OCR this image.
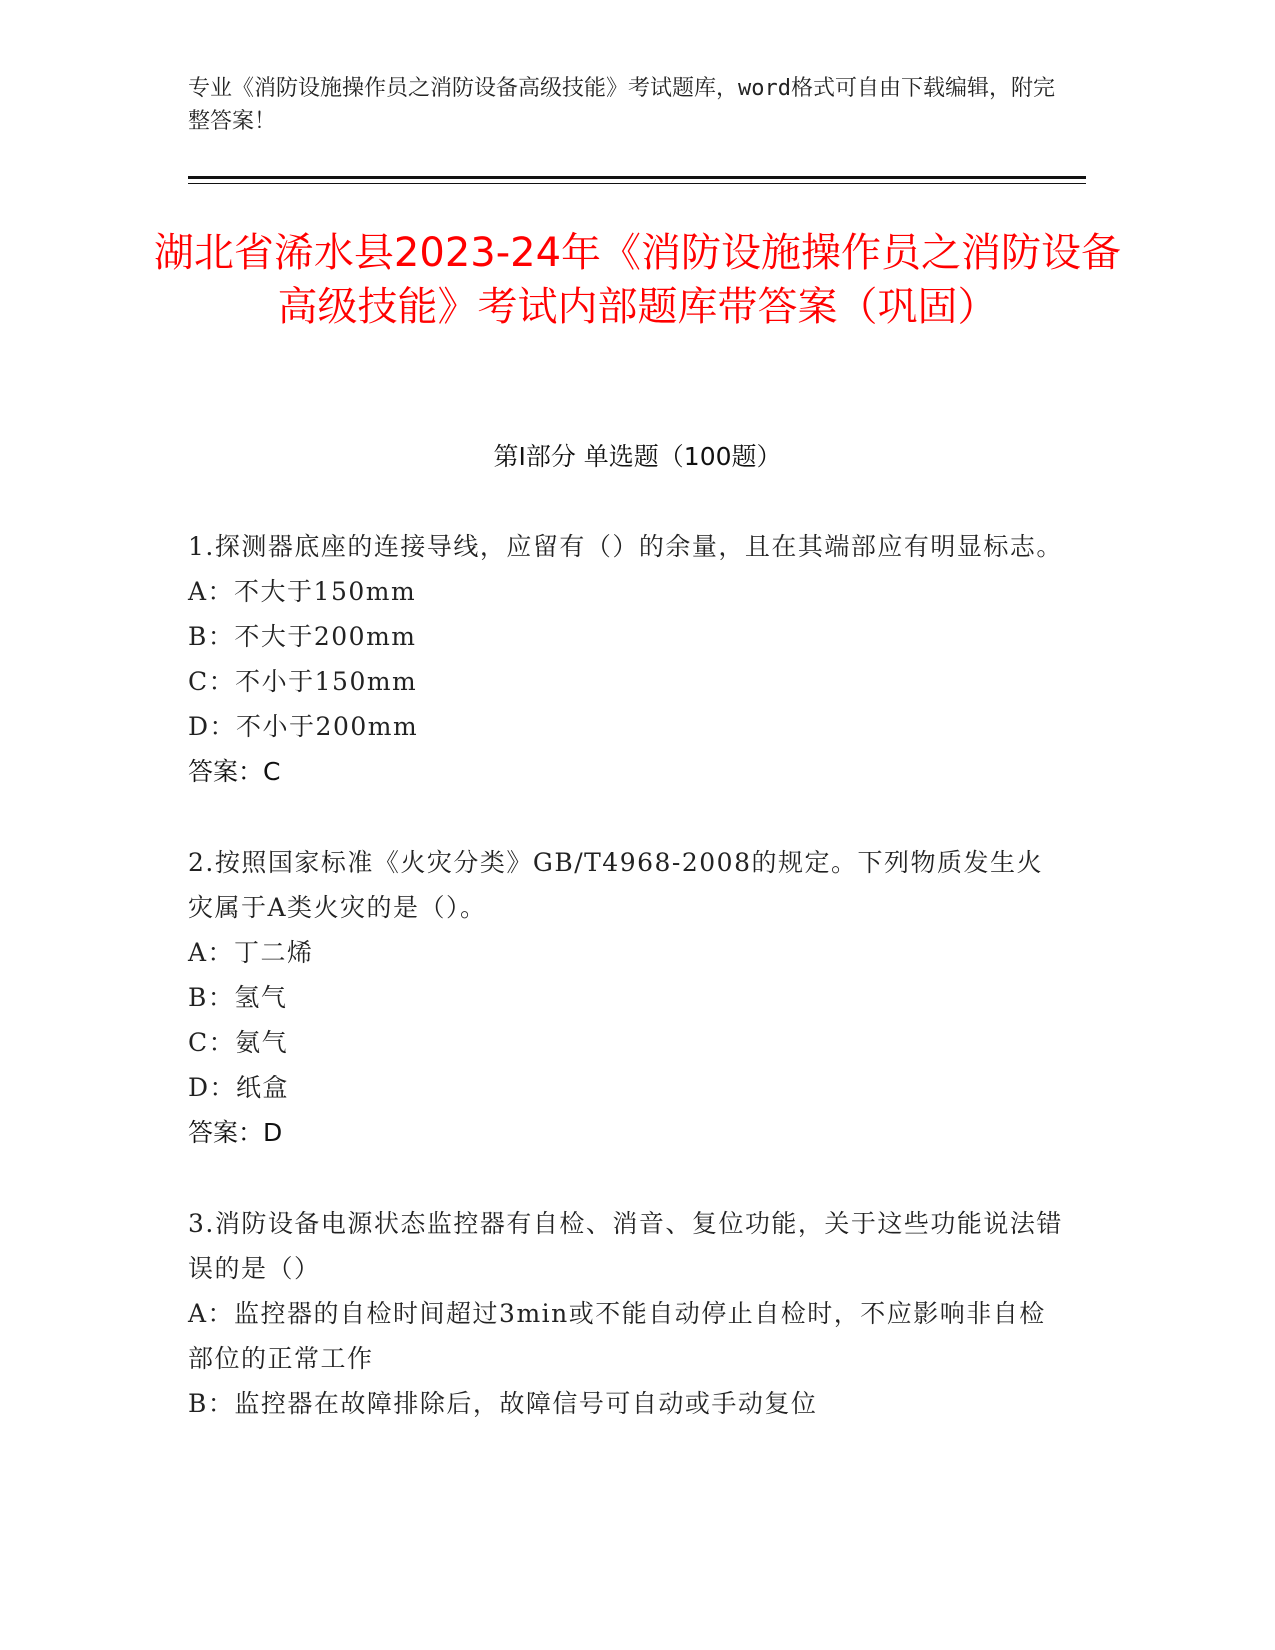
专业《消防设施操作员之消防设备高级技能》考试题库，word格式可自由下载编辑，附完整答案！
湖北省浠水县2023-24年《消防设施操作员之消防设备高级技能》考试内部题库带答案（巩固）
第I部分 单选题（100题）
1.探测器底座的连接导线，应留有（）的余量，且在其端部应有明显标志。
A：不大于150mm
B：不大于200mm
C：不小于150mm
D：不小于200mm
答案：C
2.按照国家标准《火灾分类》GB/T4968-2008的规定。下列物质发生火灾属于A类火灾的是（）。
A：丁二烯
B：氢气
C：氨气
D：纸盒
答案：D
3.消防设备电源状态监控器有自检、消音、复位功能，关于这些功能说法错误的是（）
A：监控器的自检时间超过3min或不能自动停止自检时，不应影响非自检部位的正常工作
B：监控器在故障排除后，故障信号可自动或手动复位
